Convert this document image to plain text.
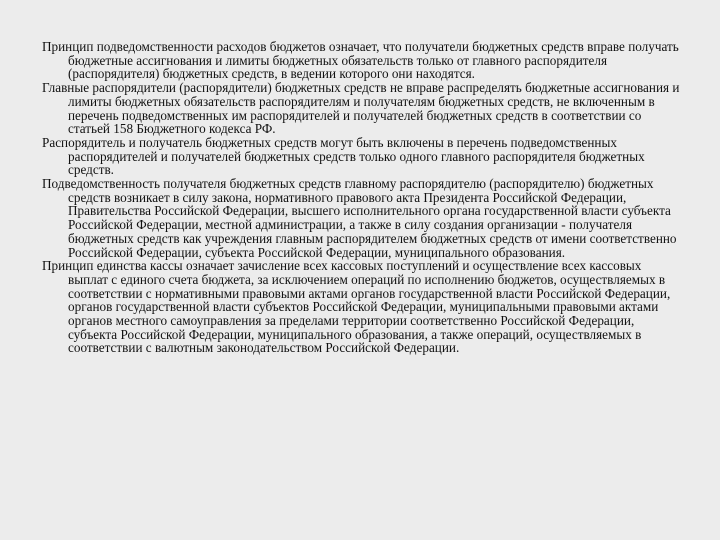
Принцип подведомственности расходов бюджетов означает, что получатели бюджетных средств вправе получать бюджетные ассигнования и лимиты бюджетных обязательств только от главного распорядителя (распорядителя) бюджетных средств, в ведении которого они находятся.

Главные распорядители (распорядители) бюджетных средств не вправе распределять бюджетные ассигнования и лимиты бюджетных обязательств распорядителям и получателям бюджетных средств, не включенным в перечень подведомственных им распорядителей и получателей бюджетных средств в соответствии со статьей 158 Бюджетного кодекса РФ.

Распорядитель и получатель бюджетных средств могут быть включены в перечень подведомственных распорядителей и получателей бюджетных средств только одного главного распорядителя бюджетных средств.

Подведомственность получателя бюджетных средств главному распорядителю (распорядителю) бюджетных средств возникает в силу закона, нормативного правового акта Президента Российской Федерации, Правительства Российской Федерации, высшего исполнительного органа государственной власти субъекта Российской Федерации, местной администрации, а также в силу создания организации - получателя бюджетных средств как учреждения главным распорядителем бюджетных средств от имени соответственно Российской Федерации, субъекта Российской Федерации, муниципального образования.

Принцип единства кассы означает зачисление всех кассовых поступлений и осуществление всех кассовых выплат с единого счета бюджета, за исключением операций по исполнению бюджетов, осуществляемых в соответствии с нормативными правовыми актами органов государственной власти Российской Федерации, органов государственной власти субъектов Российской Федерации, муниципальными правовыми актами органов местного самоуправления за пределами территории соответственно Российской Федерации, субъекта Российской Федерации, муниципального образования, а также операций, осуществляемых в соответствии с валютным законодательством Российской Федерации.
